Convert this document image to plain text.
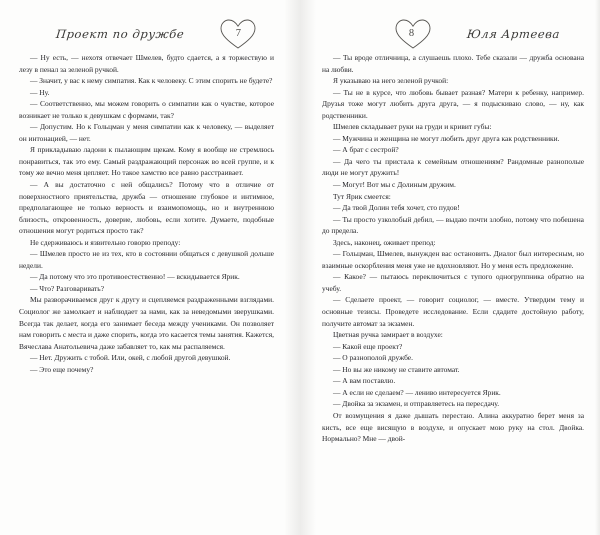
Проект по дружбе	7

— Ну есть, — нехотя отвечает Шмелев, будто сдается, а я торжествую и лезу в пенал за зеленой ручкой.

— Значит, у вас к нему симпатия. Как к человеку. С этим спорить не будете?

— Ну.

— Соответственно, мы можем говорить о симпатии как о чувстве, которое возникает не только к девушкам с формами, так?

— Допустим. Но к Гольцман у меня симпатии как к человеку, — выделяет он интонацией, — нет.

Я прикладываю ладони к пылающим щекам. Кому я вообще не стремлюсь понравиться, так это ему. Самый раздражающий персонаж во всей группе, и к тому же вечно меня цепляет. Но такое хамство все равно расстраивает.

— А вы достаточно с ней общались? Потому что в отличие от поверхностного приятельства, дружба — отношение глубокое и интимное, предполагающее не только верность и взаимопомощь, но и внутреннюю близость, откровенность, доверие, любовь, если хотите. Думаете, подобные отношения могут родиться просто так?

Не сдерживаюсь и язвительно говорю преподу:

— Шмелев просто не из тех, кто в состоянии общаться с девушкой дольше недели.

— Да потому что это противоестественно! — вскидывается Ярик.

— Что? Разговаривать?

Мы разворачиваемся друг к другу и сцепляемся раздраженными взглядами. Социолог же замолкает и наблюдает за нами, как за неведомыми зверушками. Всегда так делает, когда его занимает беседа между учениками. Он позволяет нам говорить с места и даже спорить, когда это касается темы занятия. Кажется, Вячеслава Анатольевича даже забавляет то, как мы распаляемся.

— Нет. Дружить с тобой. Или, окей, с любой другой девушкой.

— Это еще почему?

8	Юля Артеева

— Ты вроде отличница, а слушаешь плохо. Тебе сказали — дружба основана на любви.

Я указываю на него зеленой ручкой:

— Ты не в курсе, что любовь бывает разная? Матери к ребенку, например. Друзья тоже могут любить друга друга, — я подыскиваю слово, — ну, как родственники.

Шмелев складывает руки на груди и кривит губы:

— Мужчина и женщина не могут любить друг друга как родственники.

— А брат с сестрой?

— Да чего ты пристала к семейным отношениям? Рандомные разнополые люди не могут дружить!

— Могут! Вот мы с Долиным дружим.

Тут Ярик смеется:

— Да твой Долин тебя хочет, сто пудов!

— Ты просто узколобый дебил, — выдаю почти злобно, потому что побешена до предела.

Здесь, наконец, оживает препод:

— Гольцман, Шмелев, вынужден вас остановить. Диалог был интересным, но взаимные оскорбления меня уже не вдохновляют. Но у меня есть предложение.

— Какое? — пытаюсь переключиться с тупого одногруппника обратно на учебу.

— Сделаете проект, — говорит социолог, — вместе. Утвердим тему и основные тезисы. Проведете исследование. Если сдадите достойную работу, получите автомат за экзамен.

Цветная ручка замирает в воздухе:

— Какой еще проект?

— О разнополой дружбе.

— Но вы же никому не ставите автомат.

— А вам поставлю.

— А если не сделаем? — лениво интересуется Ярик.

— Двойка за экзамен, и отправляетесь на пересдачу.

От возмущения я даже дышать перестаю. Алина аккуратно берет меня за кисть, все еще висящую в воздухе, и опускает мою руку на стол. Двойка. Нормально? Мне — двой-
